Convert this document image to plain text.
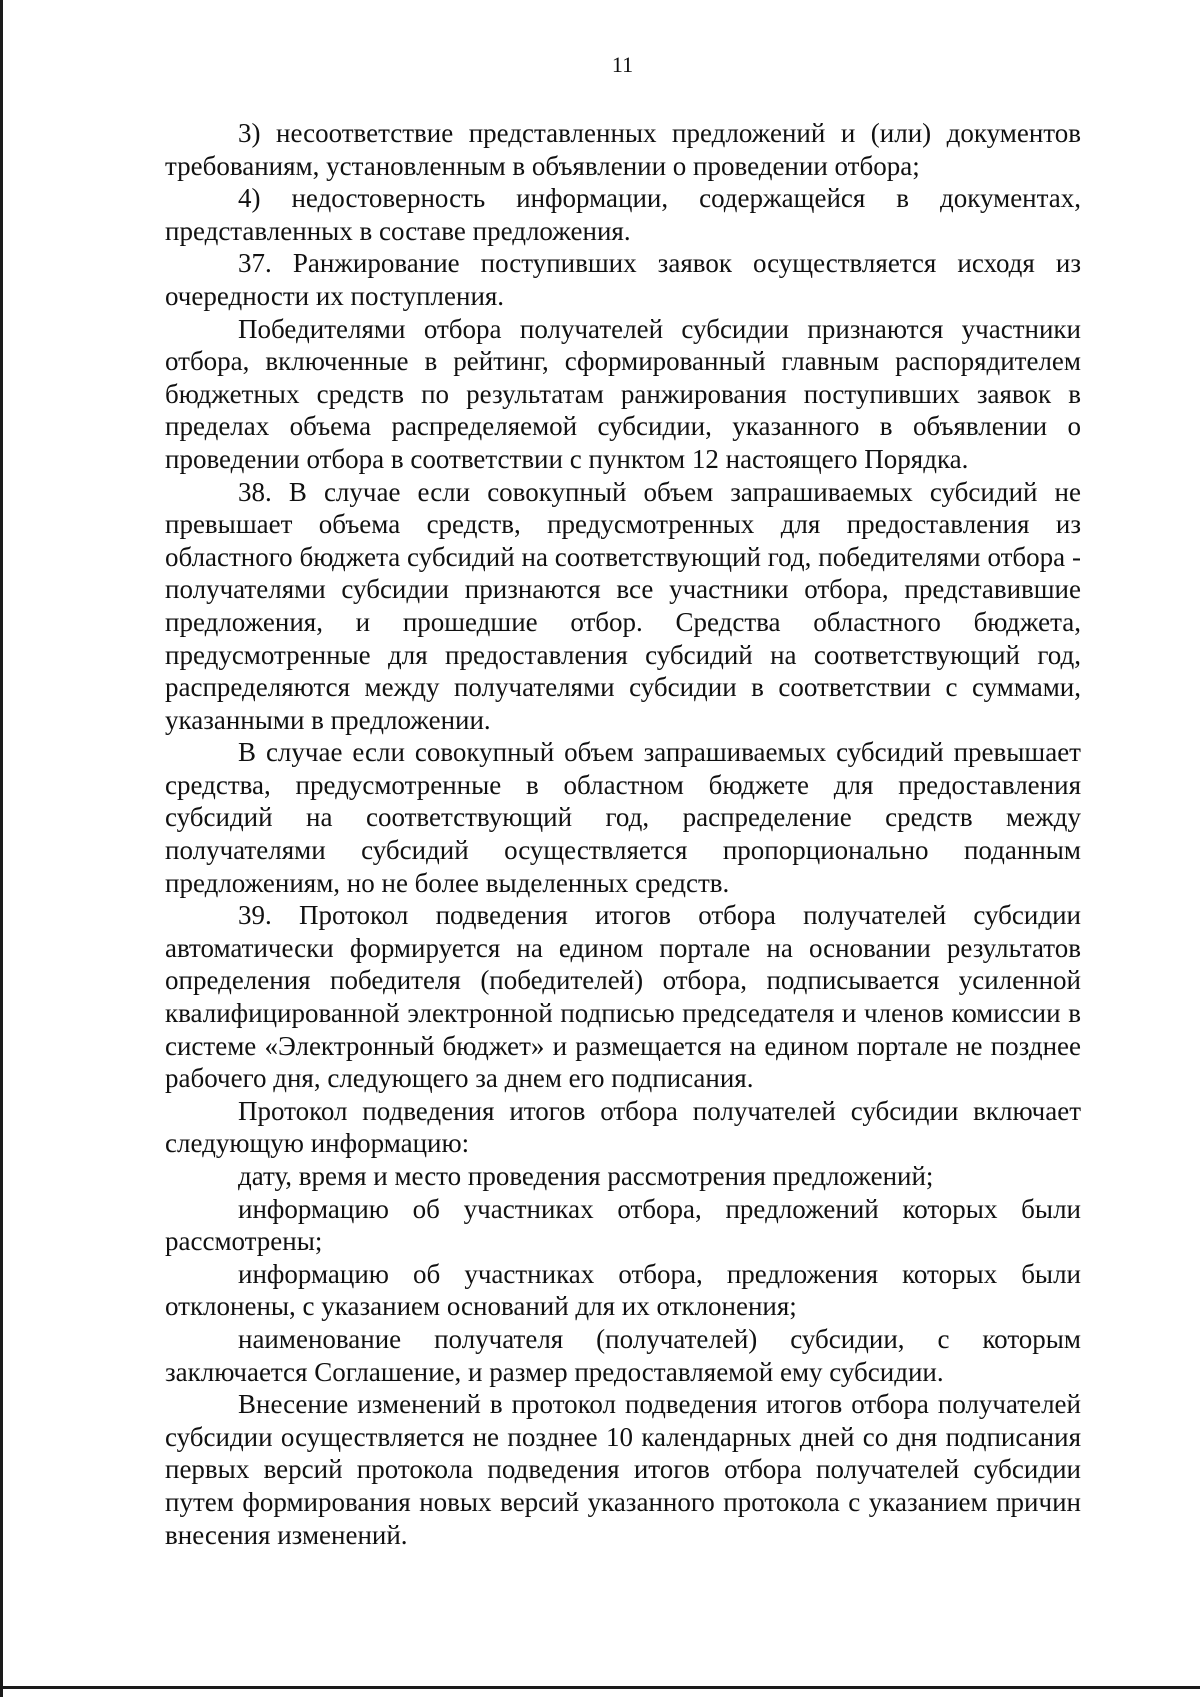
11

3) несоответствие представленных предложений и (или) документов требованиям, установленным в объявлении о проведении отбора;

4) недостоверность информации, содержащейся в документах, представленных в составе предложения.

37. Ранжирование поступивших заявок осуществляется исходя из очередности их поступления.

Победителями отбора получателей субсидии признаются участники отбора, включенные в рейтинг, сформированный главным распорядителем бюджетных средств по результатам ранжирования поступивших заявок в пределах объема распределяемой субсидии, указанного в объявлении о проведении отбора в соответствии с пунктом 12 настоящего Порядка.

38. В случае если совокупный объем запрашиваемых субсидий не превышает объема средств, предусмотренных для предоставления из областного бюджета субсидий на соответствующий год, победителями отбора - получателями субсидии признаются все участники отбора, представившие предложения, и прошедшие отбор. Средства областного бюджета, предусмотренные для предоставления субсидий на соответствующий год, распределяются между получателями субсидии в соответствии с суммами, указанными в предложении.

В случае если совокупный объем запрашиваемых субсидий превышает средства, предусмотренные в областном бюджете для предоставления субсидий на соответствующий год, распределение средств между получателями субсидий осуществляется пропорционально поданным предложениям, но не более выделенных средств.

39. Протокол подведения итогов отбора получателей субсидии автоматически формируется на едином портале на основании результатов определения победителя (победителей) отбора, подписывается усиленной квалифицированной электронной подписью председателя и членов комиссии в системе «Электронный бюджет» и размещается на едином портале не позднее рабочего дня, следующего за днем его подписания.

Протокол подведения итогов отбора получателей субсидии включает следующую информацию:

дату, время и место проведения рассмотрения предложений;

информацию об участниках отбора, предложений которых были рассмотрены;

информацию об участниках отбора, предложения которых были отклонены, с указанием оснований для их отклонения;

наименование получателя (получателей) субсидии, с которым заключается Соглашение, и размер предоставляемой ему субсидии.

Внесение изменений в протокол подведения итогов отбора получателей субсидии осуществляется не позднее 10 календарных дней со дня подписания первых версий протокола подведения итогов отбора получателей субсидии путем формирования новых версий указанного протокола с указанием причин внесения изменений.
